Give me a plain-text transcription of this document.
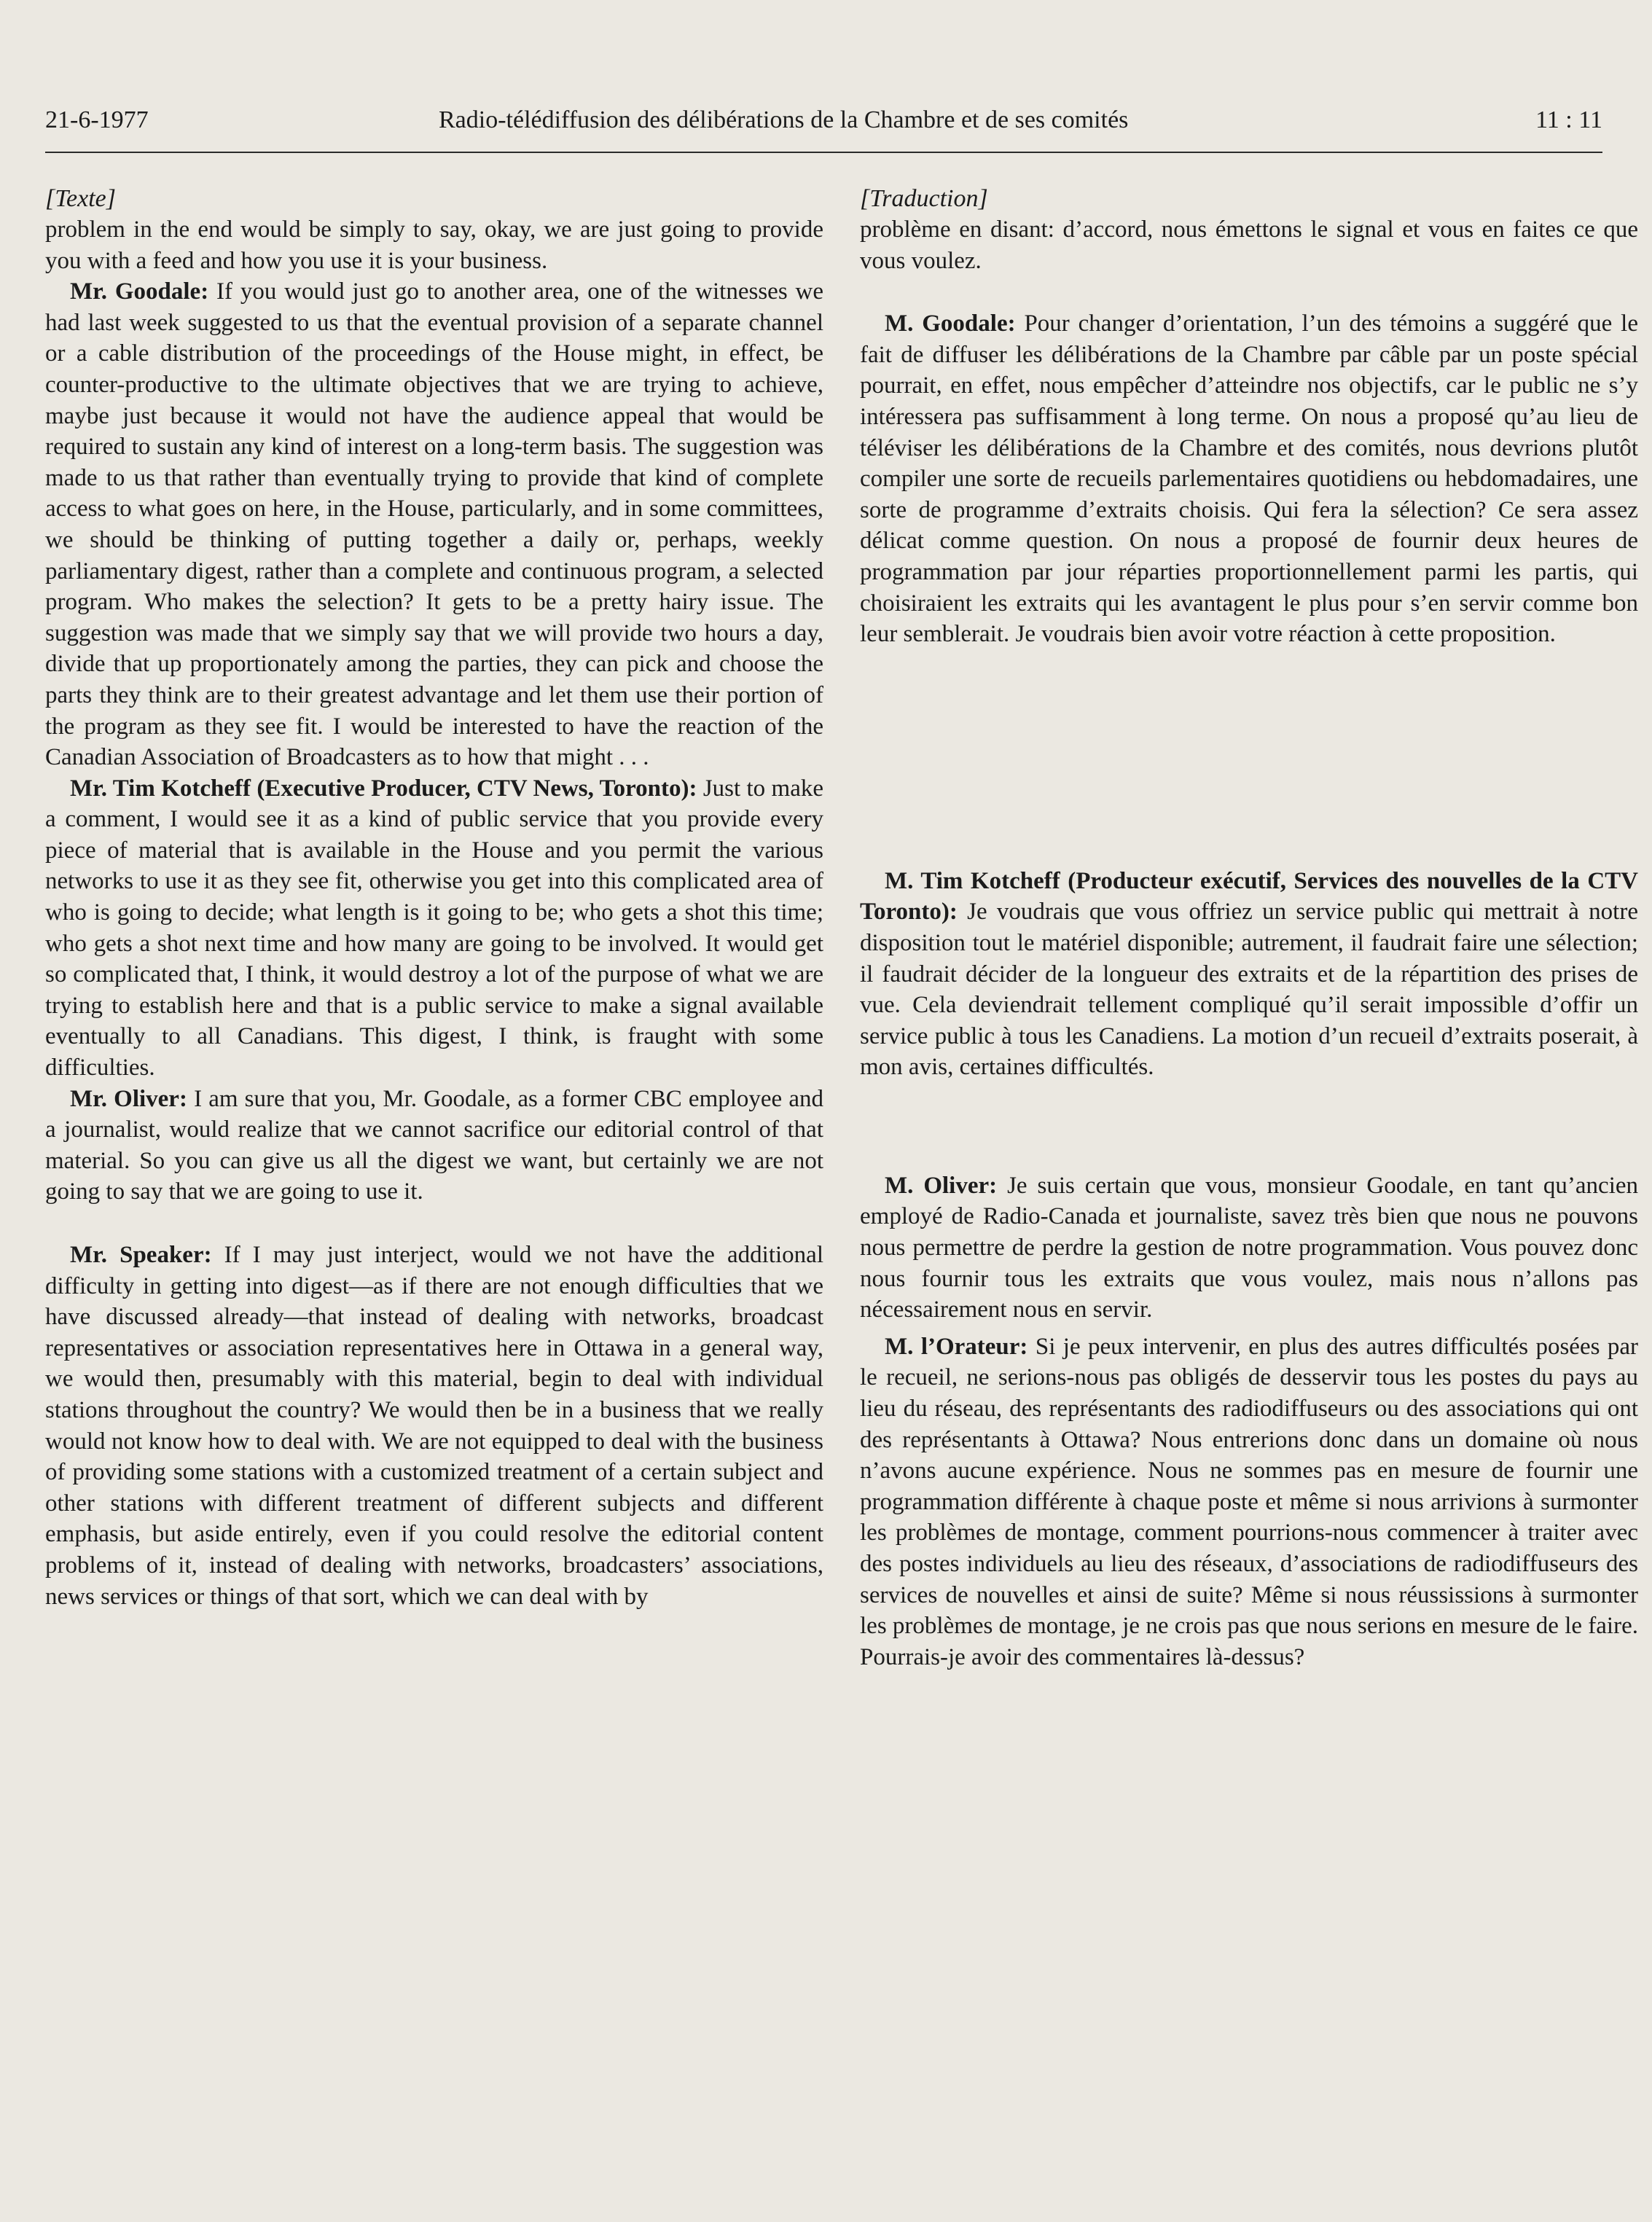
21-6-1977	Radio-télédiffusion des délibérations de la Chambre et de ses comités	11 : 11

[Texte]

problem in the end would be simply to say, okay, we are just going to provide you with a feed and how you use it is your business.

Mr. Goodale: If you would just go to another area, one of the witnesses we had last week suggested to us that the eventual provision of a separate channel or a cable distribution of the proceedings of the House might, in effect, be counter-productive to the ultimate objectives that we are trying to achieve, maybe just because it would not have the audience appeal that would be required to sustain any kind of interest on a long-term basis. The suggestion was made to us that rather than eventually trying to provide that kind of complete access to what goes on here, in the House, particularly, and in some committees, we should be thinking of putting together a daily or, perhaps, weekly parliamentary digest, rather than a complete and continuous program, a selected program. Who makes the selection? It gets to be a pretty hairy issue. The suggestion was made that we simply say that we will provide two hours a day, divide that up proportionately among the parties, they can pick and choose the parts they think are to their greatest advantage and let them use their portion of the program as they see fit. I would be interested to have the reaction of the Canadian Association of Broadcasters as to how that might . . .

Mr. Tim Kotcheff (Executive Producer, CTV News, Toronto): Just to make a comment, I would see it as a kind of public service that you provide every piece of material that is available in the House and you permit the various networks to use it as they see fit, otherwise you get into this complicated area of who is going to decide; what length is it going to be; who gets a shot this time; who gets a shot next time and how many are going to be involved. It would get so complicated that, I think, it would destroy a lot of the purpose of what we are trying to establish here and that is a public service to make a signal available eventually to all Canadians. This digest, I think, is fraught with some difficulties.

Mr. Oliver: I am sure that you, Mr. Goodale, as a former CBC employee and a journalist, would realize that we cannot sacrifice our editorial control of that material. So you can give us all the digest we want, but certainly we are not going to say that we are going to use it.

Mr. Speaker: If I may just interject, would we not have the additional difficulty in getting into digest—as if there are not enough difficulties that we have discussed already—that instead of dealing with networks, broadcast representatives or association representatives here in Ottawa in a general way, we would then, presumably with this material, begin to deal with individual stations throughout the country? We would then be in a business that we really would not know how to deal with. We are not equipped to deal with the business of providing some stations with a customized treatment of a certain subject and other stations with different treatment of different subjects and different emphasis, but aside entirely, even if you could resolve the editorial content problems of it, instead of dealing with networks, broadcasters’ associations, news services or things of that sort, which we can deal with by

[Traduction]

problème en disant: d’accord, nous émettons le signal et vous en faites ce que vous voulez.

M. Goodale: Pour changer d’orientation, l’un des témoins a suggéré que le fait de diffuser les délibérations de la Chambre par câble par un poste spécial pourrait, en effet, nous empêcher d’atteindre nos objectifs, car le public ne s’y intéressera pas suffisamment à long terme. On nous a proposé qu’au lieu de téléviser les délibérations de la Chambre et des comités, nous devrions plutôt compiler une sorte de recueils parlementaires quotidiens ou hebdomadaires, une sorte de programme d’extraits choisis. Qui fera la sélection? Ce sera assez délicat comme question. On nous a proposé de fournir deux heures de programmation par jour réparties proportionnellement parmi les partis, qui choisiraient les extraits qui les avantagent le plus pour s’en servir comme bon leur semblerait. Je voudrais bien avoir votre réaction à cette proposition.

M. Tim Kotcheff (Producteur exécutif, Services des nouvelles de la CTV Toronto): Je voudrais que vous offriez un service public qui mettrait à notre disposition tout le matériel disponible; autrement, il faudrait faire une sélection; il faudrait décider de la longueur des extraits et de la répartition des prises de vue. Cela deviendrait tellement compliqué qu’il serait impossible d’offir un service public à tous les Canadiens. La motion d’un recueil d’extraits poserait, à mon avis, certaines difficultés.

M. Oliver: Je suis certain que vous, monsieur Goodale, en tant qu’ancien employé de Radio-Canada et journaliste, savez très bien que nous ne pouvons nous permettre de perdre la gestion de notre programmation. Vous pouvez donc nous fournir tous les extraits que vous voulez, mais nous n’allons pas nécessairement nous en servir.

M. l’Orateur: Si je peux intervenir, en plus des autres difficultés posées par le recueil, ne serions-nous pas obligés de desservir tous les postes du pays au lieu du réseau, des représentants des radiodiffuseurs ou des associations qui ont des représentants à Ottawa? Nous entrerions donc dans un domaine où nous n’avons aucune expérience. Nous ne sommes pas en mesure de fournir une programmation différente à chaque poste et même si nous arrivions à surmonter les problèmes de montage, comment pourrions-nous commencer à traiter avec des postes individuels au lieu des réseaux, d’associations de radiodiffuseurs des services de nouvelles et ainsi de suite? Même si nous réussissions à surmonter les problèmes de montage, je ne crois pas que nous serions en mesure de le faire. Pourrais-je avoir des commentaires là-dessus?
